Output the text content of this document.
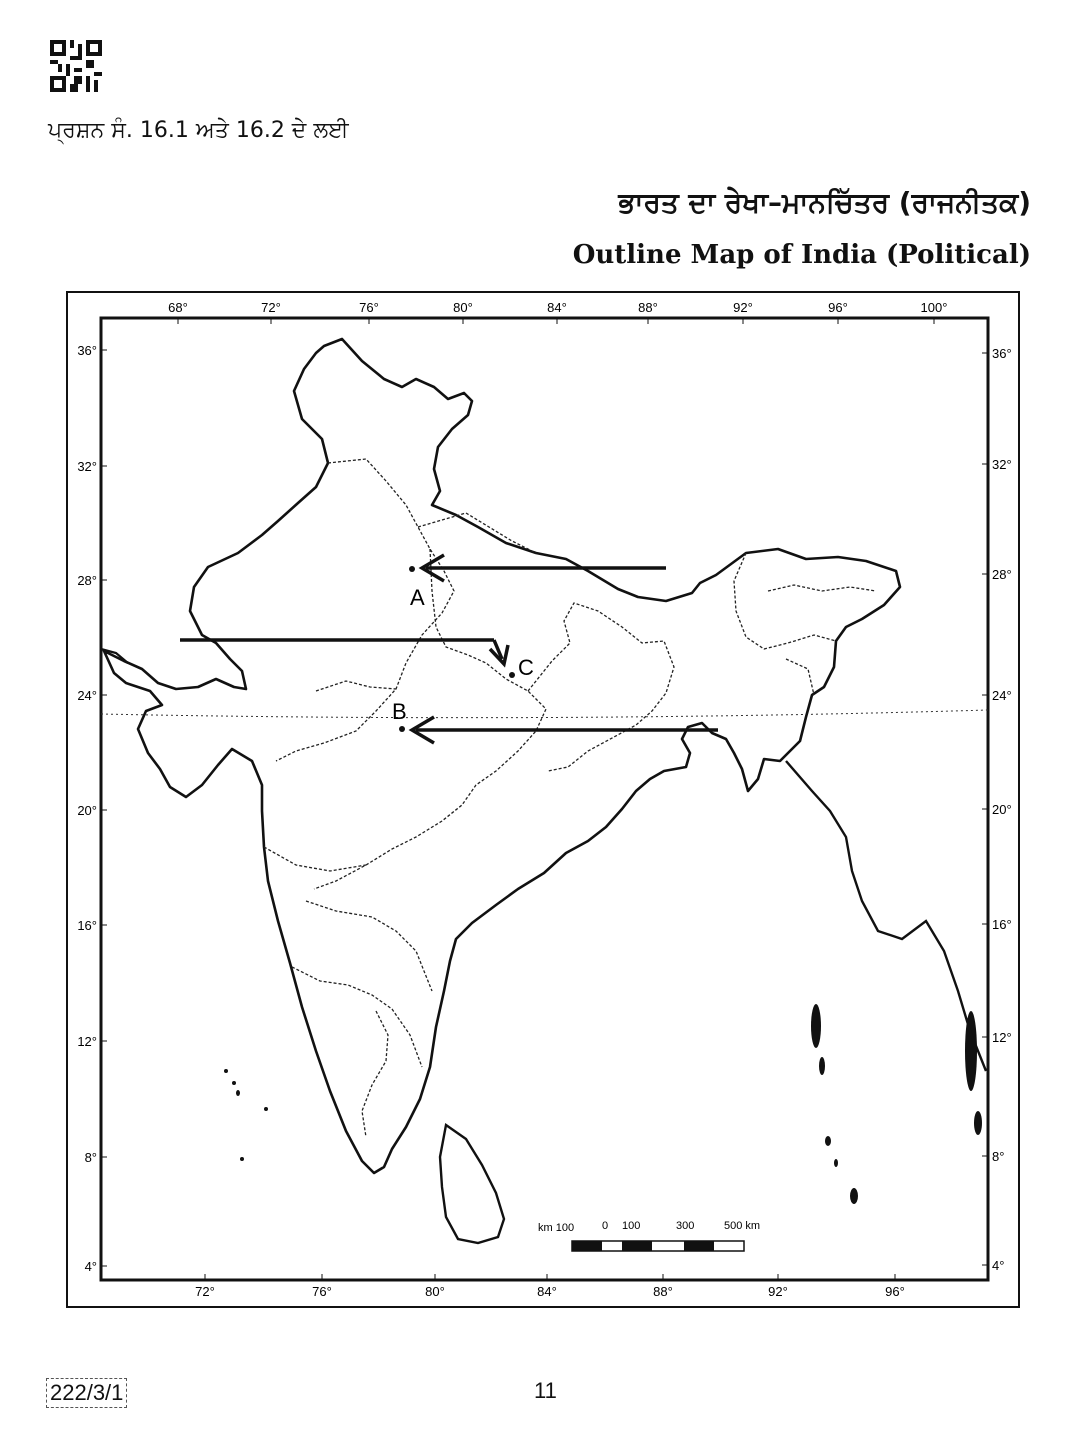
ਪ੍ਰਸ਼ਨ ਸੰ. 16.1 ਅਤੇ 16.2 ਦੇ ਲਈ
ਭਾਰਤ ਦਾ ਰੇਖਾ–ਮਾਨਚਿੱਤਰ (ਰਾਜਨੀਤਕ)
Outline Map of India (Political)
68°	72°	76°	80°	84°	88°	92°	96°	100°
72°	76°	80°	84°	88°	92°	96°
36°
32°
28°
24°
20°
16°
12°
8°
4°
36°
32°
28°
24°
20°
16°
12°
8°
4°
A
B
C
km 100	0 100	300	500 km
222/3/1	11
